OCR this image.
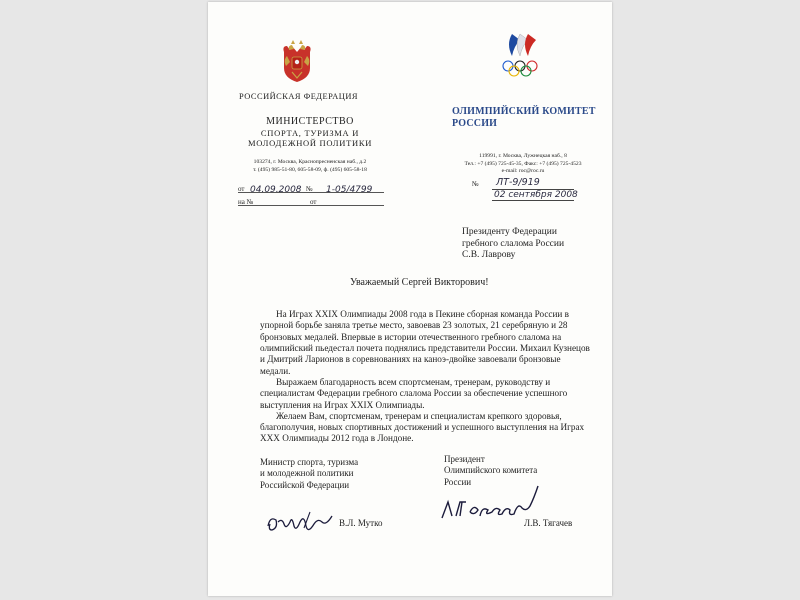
РОССИЙСКАЯ ФЕДЕРАЦИЯ
МИНИСТЕРСТВО
СПОРТА, ТУРИЗМА И
МОЛОДЕЖНОЙ ПОЛИТИКИ
103274, г. Москва, Краснопресненская наб., д.2
т. (495) 985-51-80, 605-58-09, ф. (495) 605-58-18
от 04.09.2008 № 1-05/4799
на №	от
ОЛИМПИЙСКИЙ КОМИТЕТ
РОССИИ
119991, г. Москва, Лужнецкая наб., 8
Тел.: +7 (495) 725-45-35, Факс: +7 (495) 725-4523
e-mail: roc@roc.ru
№ ЛТ-9/919
02 сентября 2008
Президенту Федерации
гребного слалома России
С.В. Лаврову
Уважаемый Сергей Викторович!

На Играх XXIX Олимпиады 2008 года в Пекине сборная команда России в упорной борьбе заняла третье место, завоевав 23 золотых, 21 серебряную и 28 бронзовых медалей. Впервые в истории отечественного гребного слалома на олимпийский пьедестал почета поднялись представители России. Михаил Кузнецов и Дмитрий Ларионов в соревнованиях на каноэ-двойке завоевали бронзовые медали.

Выражаем благодарность всем спортсменам, тренерам, руководству и специалистам Федерации гребного слалома России за обеспечение успешного выступления на Играх XXIX Олимпиады.

Желаем Вам, спортсменам, тренерам и специалистам крепкого здоровья, благополучия, новых спортивных достижений и успешного выступления на Играх XXX Олимпиады 2012 года в Лондоне.

Министр спорта, туризма
и молодежной политики
Российской Федерации
Президент
Олимпийского комитета
России
В.Л. Мутко	Л.В. Тягачев
